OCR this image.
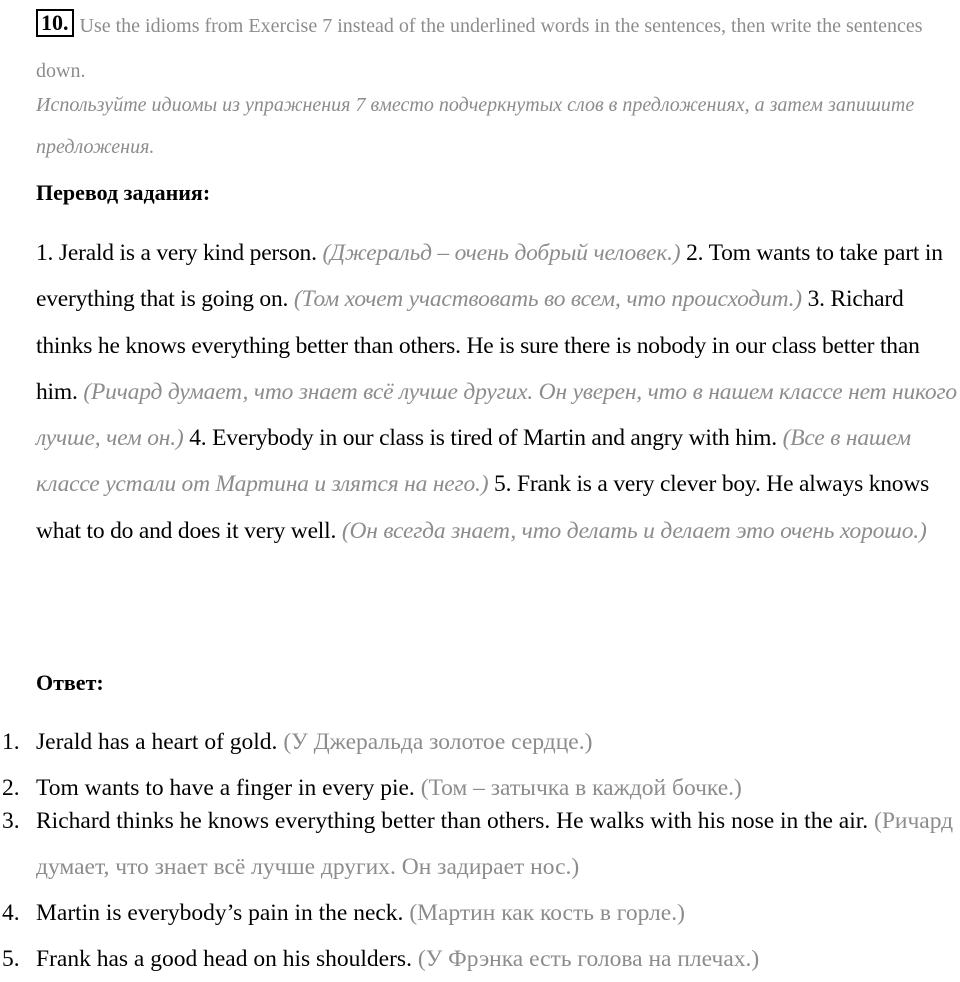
10. Use the idioms from Exercise 7 instead of the underlined words in the sentences, then write the sentences down.
Используйте идиомы из упражнения 7 вместо подчеркнутых слов в предложениях, а затем запишите предложения.
Перевод задания:
1. Jerald is a very kind person. (Джеральд – очень добрый человек.) 2. Tom wants to take part in everything that is going on. (Том хочет участвовать во всем, что происходит.) 3. Richard thinks he knows everything better than others. He is sure there is nobody in our class better than him. (Ричард думает, что знает всё лучше других. Он уверен, что в нашем классе нет никого лучше, чем он.) 4. Everybody in our class is tired of Martin and angry with him. (Все в нашем классе устали от Мартина и злятся на него.) 5. Frank is a very clever boy. He always knows what to do and does it very well. (Он всегда знает, что делать и делает это очень хорошо.)
Ответ:
1. Jerald has a heart of gold. (У Джеральда золотое сердце.)
2. Tom wants to have a finger in every pie. (Том – затычка в каждой бочке.)
3. Richard thinks he knows everything better than others. He walks with his nose in the air. (Ричард думает, что знает всё лучше других. Он задирает нос.)
4. Martin is everybody’s pain in the neck. (Мартин как кость в горле.)
5. Frank has a good head on his shoulders. (У Фрэнка есть голова на плечах.)
